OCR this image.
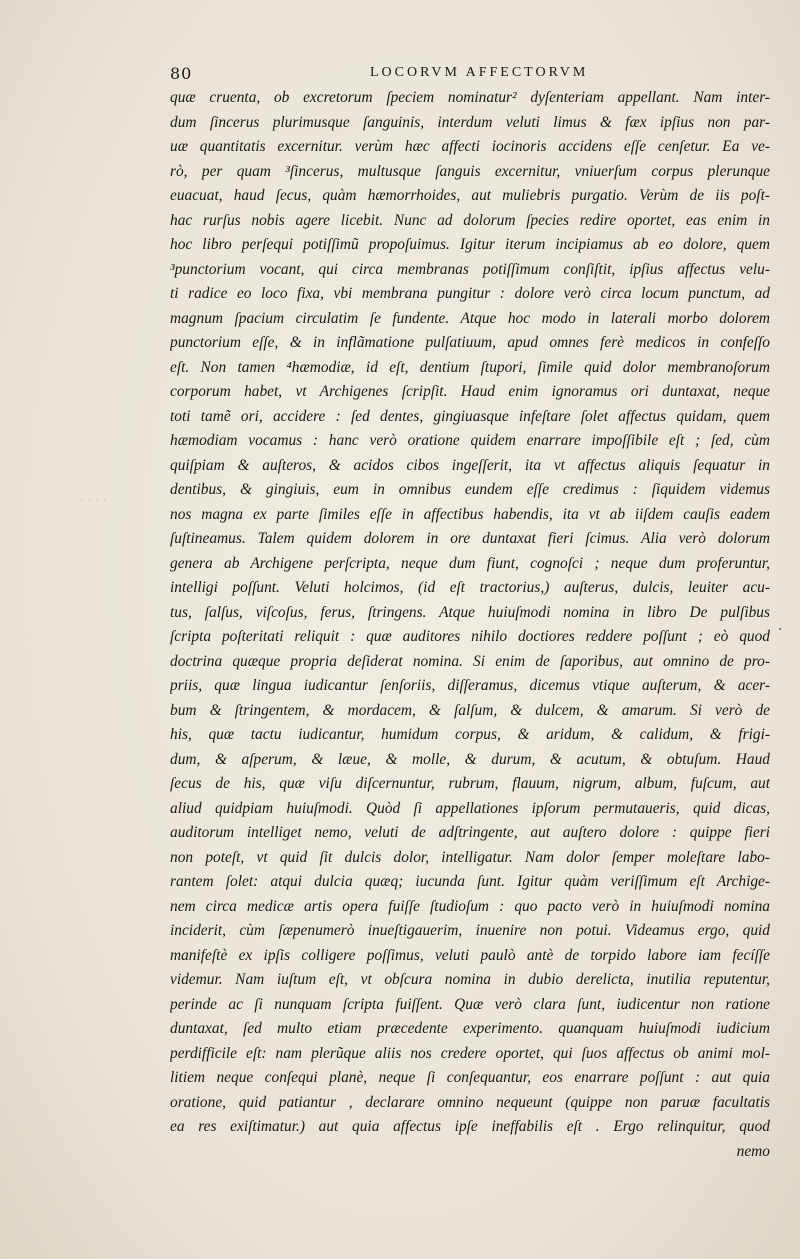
80	LOCORVM AFFECTORVM
· · · ·
.
quæ cruenta, ob excretorum ſpeciem nominatur² dyſenteriam appellant. Nam inter-
dum ſincerus plurimusque ſanguinis, interdum veluti limus & fæx ipſius non par-
uæ quantitatis excernitur. verùm hæc affecti iocinoris accidens eſſe cenſetur. Ea ve-
rò, per quam ³ſincerus, multusque ſanguis excernitur, vniuerſum corpus plerunque
euacuat, haud ſecus, quàm hæmorrhoides, aut muliebris purgatio. Verùm de iis poſt-
hac rurſus nobis agere licebit. Nunc ad dolorum ſpecies redire oportet, eas enim in
hoc libro perſequi potiſſimũ propoſuimus. Igitur iterum incipiamus ab eo dolore, quem
³punctorium vocant, qui circa membranas potiſſimum conſiſtit, ipſius affectus velu-
ti radice eo loco fixa, vbi membrana pungitur : dolore verò circa locum punctum, ad
magnum ſpacium circulatim ſe fundente. Atque hoc modo in laterali morbo dolorem
punctorium eſſe, & in inflãmatione pulſatiuum, apud omnes ferè medicos in confeſſo
eſt. Non tamen ⁴hæmodiæ, id eſt, dentium ſtupori, ſimile quid dolor membranoſorum
corporum habet, vt Archigenes ſcripſit. Haud enim ignoramus ori duntaxat, neque
toti tamẽ ori, accidere : ſed dentes, gingiuasque infeſtare ſolet affectus quidam, quem
hæmodiam vocamus : hanc verò oratione quidem enarrare impoſſibile eſt ; ſed, cùm
quiſpiam & auſteros, & acidos cibos ingeſſerit, ita vt affectus aliquis ſequatur in
dentibus, & gingiuis, eum in omnibus eundem eſſe credimus : ſiquidem videmus
nos magna ex parte ſimiles eſſe in affectibus habendis, ita vt ab iiſdem cauſis eadem
ſuſtineamus. Talem quidem dolorem in ore duntaxat fieri ſcimus. Alia verò dolorum
genera ab Archigene perſcripta, neque dum fiunt, cognoſci ; neque dum proferuntur,
intelligi poſſunt. Veluti holcimos, (id eſt tractorius,) auſterus, dulcis, leuiter acu-
tus, ſalſus, viſcoſus, ferus, ſtringens. Atque huiuſmodi nomina in libro De pulſibus
ſcripta poſteritati reliquit : quæ auditores nihilo doctiores reddere poſſunt ; eò quod
doctrina quæque propria deſiderat nomina. Si enim de ſaporibus, aut omnino de pro-
priis, quæ lingua iudicantur ſenſoriis, diſſeramus, dicemus vtique auſterum, & acer-
bum & ſtringentem, & mordacem, & ſalſum, & dulcem, & amarum. Si verò de
his, quæ tactu iudicantur, humidum corpus, & aridum, & calidum, & frigi-
dum, & aſperum, & læue, & molle, & durum, & acutum, & obtuſum. Haud
ſecus de his, quæ viſu diſcernuntur, rubrum, flauum, nigrum, album, fuſcum, aut
aliud quidpiam huiuſmodi. Quòd ſi appellationes ipſorum permutaueris, quid dicas,
auditorum intelliget nemo, veluti de adſtringente, aut auſtero dolore : quippe fieri
non poteſt, vt quid ſit dulcis dolor, intelligatur. Nam dolor ſemper moleſtare labo-
rantem ſolet: atqui dulcia quæq; iucunda ſunt. Igitur quàm veriſſimum eſt Archige-
nem circa medicæ artis opera fuiſſe ſtudioſum : quo pacto verò in huiuſmodi nomina
inciderit, cùm ſæpenumerò inueſtigauerim, inuenire non potui. Videamus ergo, quid
manifeſtè ex ipſis colligere poſſimus, veluti paulò antè de torpido labore iam fecíſſe
videmur. Nam iuſtum eſt, vt obſcura nomina in dubio derelicta, inutilia reputentur,
perinde ac ſi nunquam ſcripta fuiſſent. Quæ verò clara ſunt, iudicentur non ratione
duntaxat, ſed multo etiam præcedente experimento. quanquam huiuſmodi iudicium
perdifficile eſt: nam plerũque aliis nos credere oportet, qui ſuos affectus ob animi mol-
litiem neque conſequi planè, neque ſi conſequantur, eos enarrare poſſunt : aut quia
oratione, quid patiantur , declarare omnino nequeunt (quippe non paruæ facultatis
ea res exiſtimatur.) aut quia affectus ipſe ineffabilis eſt . Ergo relinquitur, quod
nemo
